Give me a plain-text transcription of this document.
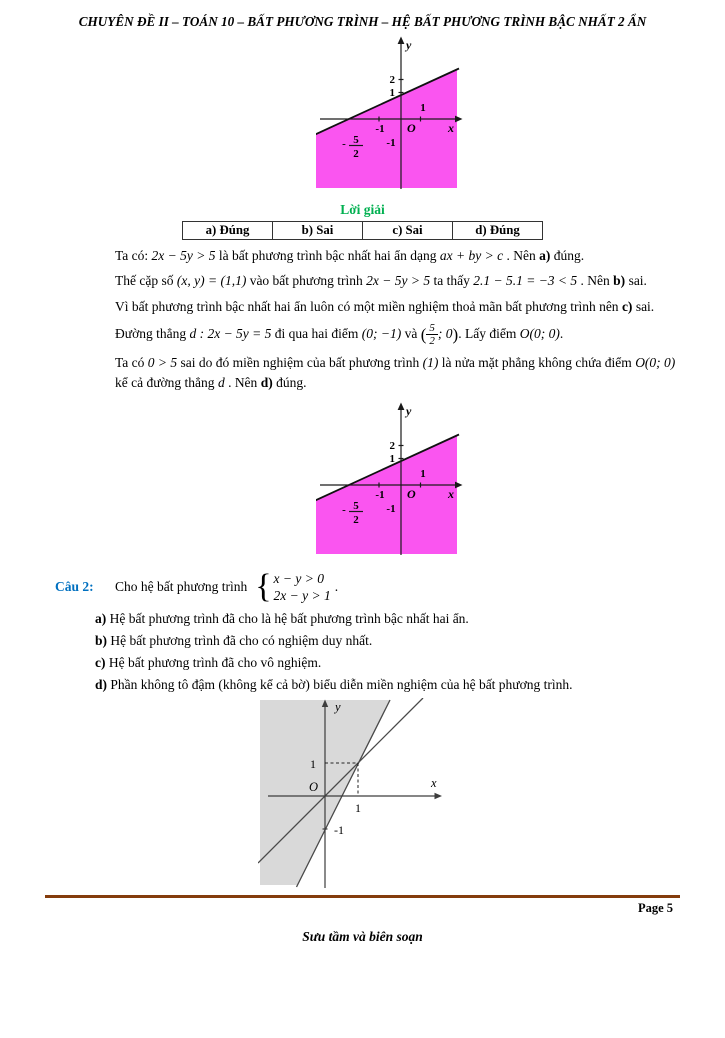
CHUYÊN ĐỀ II – TOÁN 10 – BẤT PHƯƠNG TRÌNH – HỆ BẤT PHƯƠNG TRÌNH BẬC NHẤT 2 ẨN
y
x
O
2
1
1
-1
-1
- 5
2
Lời giải
a) Đúng	b) Sai	c) Sai	d) Đúng

Ta có: 2x − 5y > 5 là bất phương trình bậc nhất hai ẩn dạng ax + by > c . Nên a) đúng.

Thế cặp số (x, y) = (1,1) vào bất phương trình 2x − 5y > 5 ta thấy 2.1 − 5.1 = −3 < 5 . Nên b) sai.

Vì bất phương trình bậc nhất hai ẩn luôn có một miền nghiệm thoả mãn bất phương trình nên c) sai.

Đường thẳng d : 2x − 5y = 5 đi qua hai điểm (0; −1) và ( $\frac{5}{2}$ ; 0). Lấy điểm O(0; 0).

Ta có 0 > 5 sai do đó miền nghiệm của bất phương trình (1) là nửa mặt phẳng không chứa điểm O(0; 0) kể cả đường thẳng d . Nên d) đúng.

y
x
O
2
1
1
-1
-1
- 5
2
Câu 2:	Cho hệ bất phương trình { x − y > 0
2x − y > 1
.

a) Hệ bất phương trình đã cho là hệ bất phương trình bậc nhất hai ẩn.

b) Hệ bất phương trình đã cho có nghiệm duy nhất.

c) Hệ bất phương trình đã cho vô nghiệm.

d) Phần không tô đậm (không kể cả bờ) biểu diễn miền nghiệm của hệ bất phương trình.

y
x
O
1
1
-1
Page 5
Sưu tầm và biên soạn
